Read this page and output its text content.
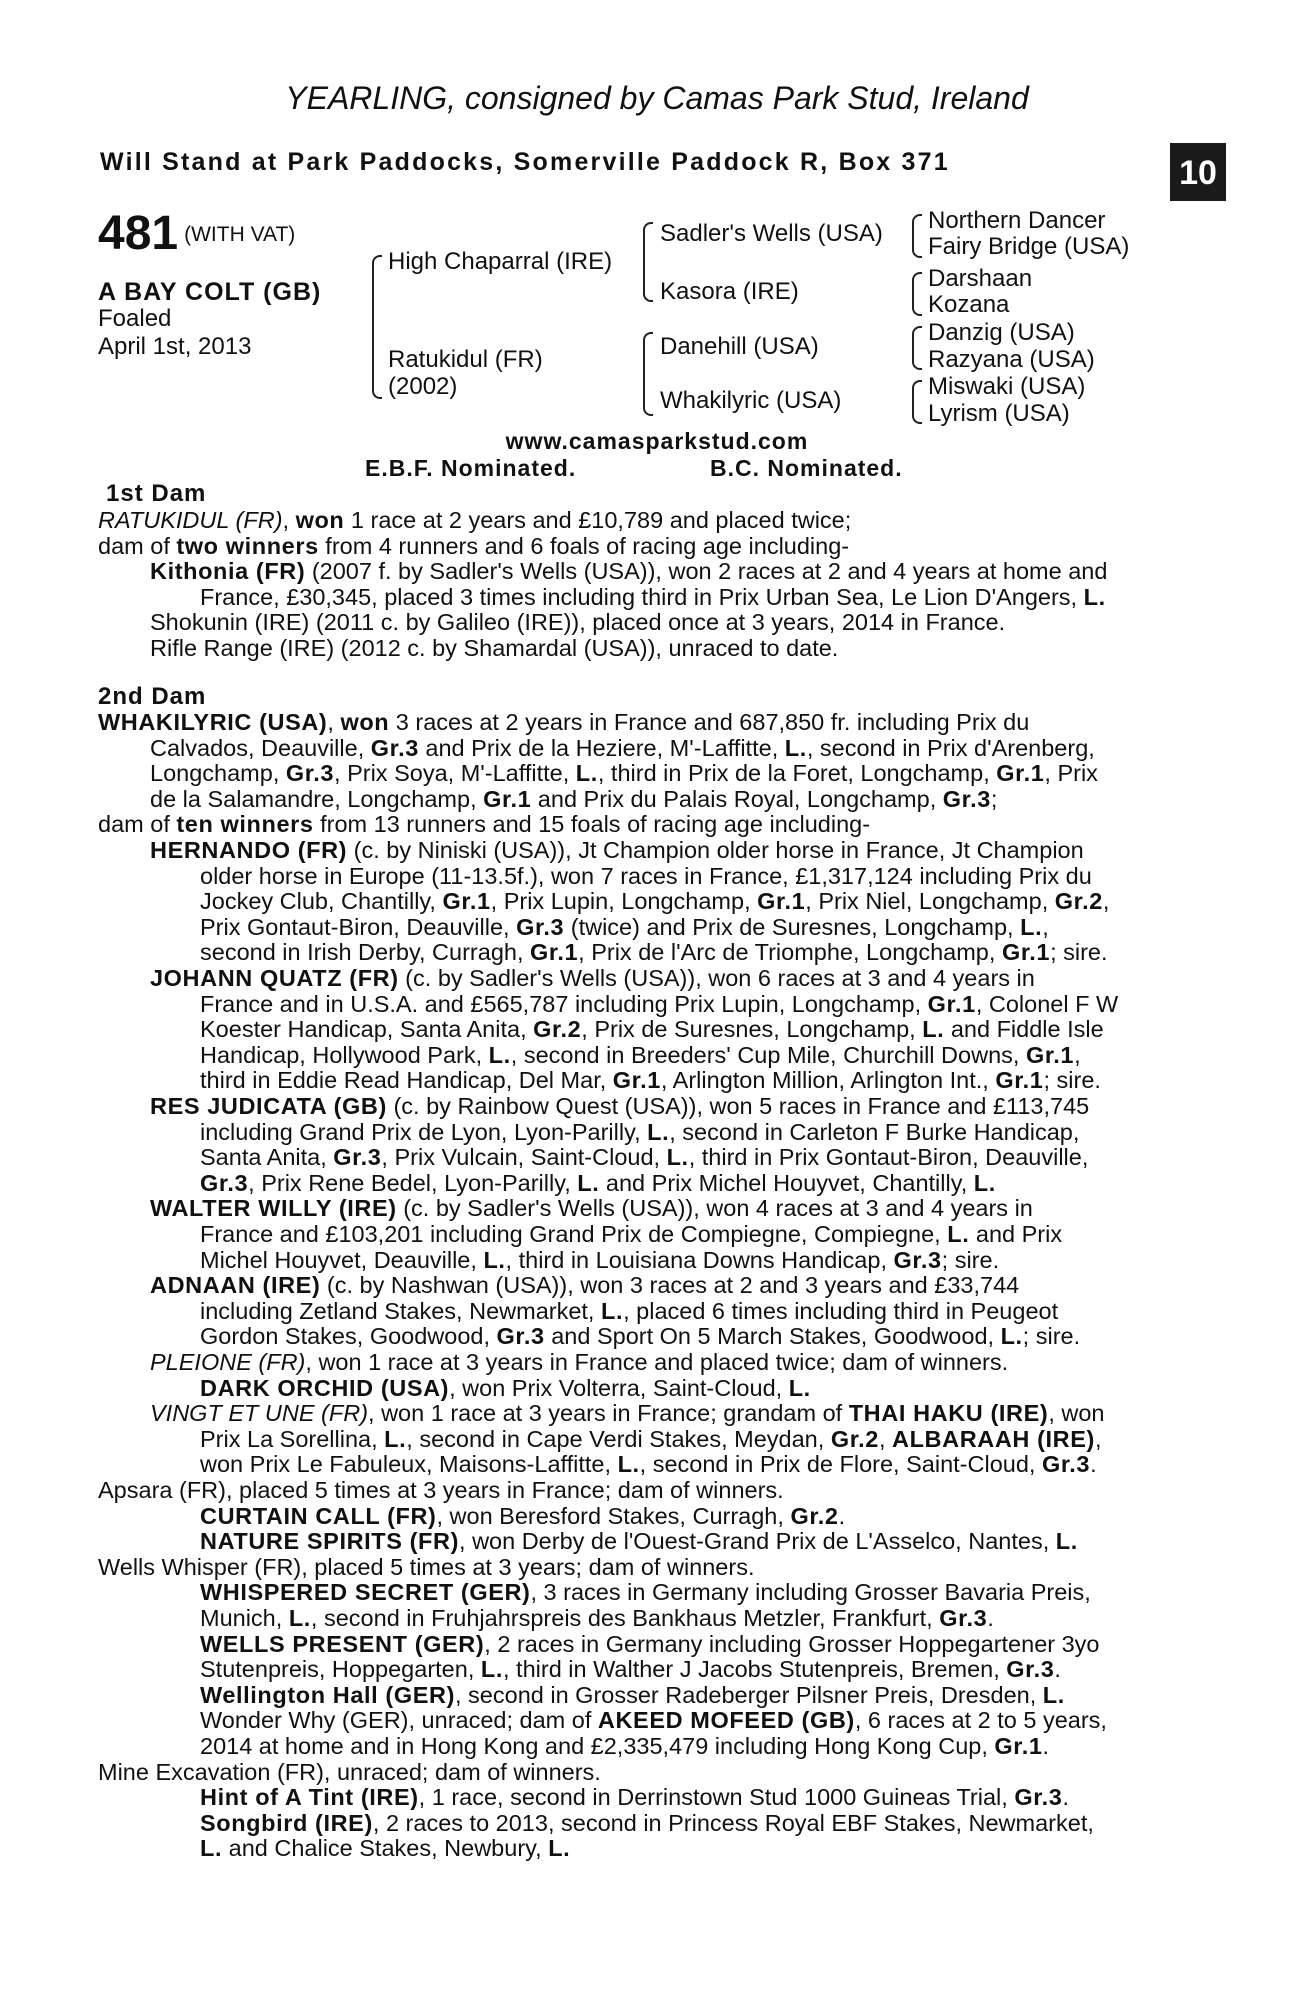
YEARLING, consigned by Camas Park Stud, Ireland
Will Stand at Park Paddocks, Somerville Paddock R, Box 371	10
481 (WITH VAT)
A BAY COLT (GB)
Foaled
April 1st, 2013
High Chaparral (IRE)
Ratukidul (FR)
(2002)
Sadler's Wells (USA)
Kasora (IRE)
Danehill (USA)
Whakilyric (USA)
Northern Dancer
Fairy Bridge (USA)
Darshaan
Kozana
Danzig (USA)
Razyana (USA)
Miswaki (USA)
Lyrism (USA)
www.camasparkstud.com
E.B.F. Nominated.	B.C. Nominated.
1st Dam
RATUKIDUL (FR), won 1 race at 2 years and £10,789 and placed twice;
dam of two winners from 4 runners and 6 foals of racing age including-
Kithonia (FR) (2007 f. by Sadler's Wells (USA)), won 2 races at 2 and 4 years at home and
France, £30,345, placed 3 times including third in Prix Urban Sea, Le Lion D'Angers, L.
Shokunin (IRE) (2011 c. by Galileo (IRE)), placed once at 3 years, 2014 in France.
Rifle Range (IRE) (2012 c. by Shamardal (USA)), unraced to date.
2nd Dam
WHAKILYRIC (USA), won 3 races at 2 years in France and 687,850 fr. including Prix du
Calvados, Deauville, Gr.3 and Prix de la Heziere, M'-Laffitte, L., second in Prix d'Arenberg,
Longchamp, Gr.3, Prix Soya, M'-Laffitte, L., third in Prix de la Foret, Longchamp, Gr.1, Prix
de la Salamandre, Longchamp, Gr.1 and Prix du Palais Royal, Longchamp, Gr.3;
dam of ten winners from 13 runners and 15 foals of racing age including-
HERNANDO (FR) (c. by Niniski (USA)), Jt Champion older horse in France, Jt Champion
older horse in Europe (11-13.5f.), won 7 races in France, £1,317,124 including Prix du
Jockey Club, Chantilly, Gr.1, Prix Lupin, Longchamp, Gr.1, Prix Niel, Longchamp, Gr.2,
Prix Gontaut-Biron, Deauville, Gr.3 (twice) and Prix de Suresnes, Longchamp, L.,
second in Irish Derby, Curragh, Gr.1, Prix de l'Arc de Triomphe, Longchamp, Gr.1; sire.
JOHANN QUATZ (FR) (c. by Sadler's Wells (USA)), won 6 races at 3 and 4 years in
France and in U.S.A. and £565,787 including Prix Lupin, Longchamp, Gr.1, Colonel F W
Koester Handicap, Santa Anita, Gr.2, Prix de Suresnes, Longchamp, L. and Fiddle Isle
Handicap, Hollywood Park, L., second in Breeders' Cup Mile, Churchill Downs, Gr.1,
third in Eddie Read Handicap, Del Mar, Gr.1, Arlington Million, Arlington Int., Gr.1; sire.
RES JUDICATA (GB) (c. by Rainbow Quest (USA)), won 5 races in France and £113,745
including Grand Prix de Lyon, Lyon-Parilly, L., second in Carleton F Burke Handicap,
Santa Anita, Gr.3, Prix Vulcain, Saint-Cloud, L., third in Prix Gontaut-Biron, Deauville,
Gr.3, Prix Rene Bedel, Lyon-Parilly, L. and Prix Michel Houyvet, Chantilly, L.
WALTER WILLY (IRE) (c. by Sadler's Wells (USA)), won 4 races at 3 and 4 years in
France and £103,201 including Grand Prix de Compiegne, Compiegne, L. and Prix
Michel Houyvet, Deauville, L., third in Louisiana Downs Handicap, Gr.3; sire.
ADNAAN (IRE) (c. by Nashwan (USA)), won 3 races at 2 and 3 years and £33,744
including Zetland Stakes, Newmarket, L., placed 6 times including third in Peugeot
Gordon Stakes, Goodwood, Gr.3 and Sport On 5 March Stakes, Goodwood, L.; sire.
PLEIONE (FR), won 1 race at 3 years in France and placed twice; dam of winners.
DARK ORCHID (USA), won Prix Volterra, Saint-Cloud, L.
VINGT ET UNE (FR), won 1 race at 3 years in France; grandam of THAI HAKU (IRE), won
Prix La Sorellina, L., second in Cape Verdi Stakes, Meydan, Gr.2, ALBARAAH (IRE),
won Prix Le Fabuleux, Maisons-Laffitte, L., second in Prix de Flore, Saint-Cloud, Gr.3.
Apsara (FR), placed 5 times at 3 years in France; dam of winners.
CURTAIN CALL (FR), won Beresford Stakes, Curragh, Gr.2.
NATURE SPIRITS (FR), won Derby de l'Ouest-Grand Prix de L'Asselco, Nantes, L.
Wells Whisper (FR), placed 5 times at 3 years; dam of winners.
WHISPERED SECRET (GER), 3 races in Germany including Grosser Bavaria Preis,
Munich, L., second in Fruhjahrspreis des Bankhaus Metzler, Frankfurt, Gr.3.
WELLS PRESENT (GER), 2 races in Germany including Grosser Hoppegartener 3yo
Stutenpreis, Hoppegarten, L., third in Walther J Jacobs Stutenpreis, Bremen, Gr.3.
Wellington Hall (GER), second in Grosser Radeberger Pilsner Preis, Dresden, L.
Wonder Why (GER), unraced; dam of AKEED MOFEED (GB), 6 races at 2 to 5 years,
2014 at home and in Hong Kong and £2,335,479 including Hong Kong Cup, Gr.1.
Mine Excavation (FR), unraced; dam of winners.
Hint of A Tint (IRE), 1 race, second in Derrinstown Stud 1000 Guineas Trial, Gr.3.
Songbird (IRE), 2 races to 2013, second in Princess Royal EBF Stakes, Newmarket,
L. and Chalice Stakes, Newbury, L.
